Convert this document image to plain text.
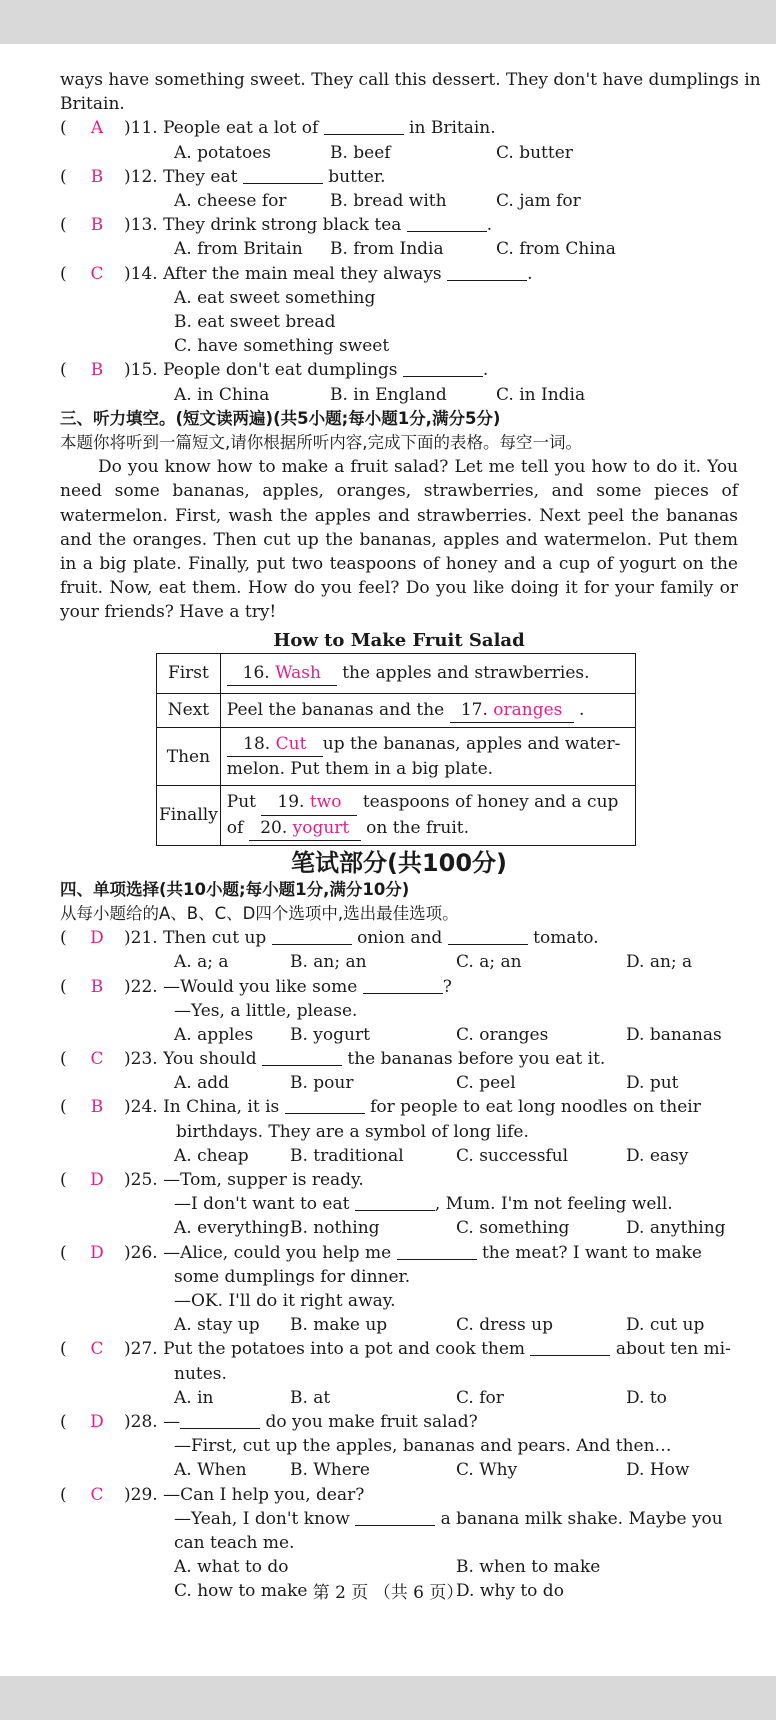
ways have something sweet. They call this dessert. They don't have dumplings in
Britain.
( A )11. People eat a lot of	in Britain.
A. potatoes	B. beef	C. butter
( B )12. They eat	butter.
A. cheese for	B. bread with	C. jam for
( B )13. They drink strong black tea	.
A. from Britain B. from India	C. from China
( C )14. After the main meal they always	.
A. eat sweet something
B. eat sweet bread
C. have something sweet
( B )15. People don't eat dumplings	.
A. in China	B. in England	C. in India
三、听力填空。(短文读两遍)(共5小题;每小题1分,满分5分)
本题你将听到一篇短文,请你根据所听内容,完成下面的表格。每空一词。
Do you know how to make a fruit salad? Let me tell you how to do it. You need some bananas, apples, oranges, strawberries, and some pieces of watermelon. First, wash the apples and strawberries. Next peel the bananas and the oranges. Then cut up the bananas, apples and watermelon. Put them in a big plate. Finally, put two teaspoons of honey and a cup of yogurt on the fruit. Now, eat them. How do you feel? Do you like doing it for your family or your friends? Have a try!
How to Make Fruit Salad
First	16. Wash the apples and strawberries.
Next	Peel the bananas and the 17. oranges .
Then	18. Cut up the bananas, apples and water-
melon. Put them in a big plate.
Finally	Put 19. two teaspoons of honey and a cup
of 20. yogurt on the fruit.
笔试部分(共100分)
四、单项选择(共10小题;每小题1分,满分10分)
从每小题给的A、B、C、D四个选项中,选出最佳选项。
( D )21. Then cut up	onion and	tomato.
A. a; a	B. an; an	C. a; an	D. an; a
( B )22. —Would you like some	?
—Yes, a little, please.
A. apples B. yogurt	C. oranges	D. bananas
( C )23. You should	the bananas before you eat it.
A. add	B. pour	C. peel	D. put
( B )24. In China, it is	for people to eat long noodles on their
birthdays. They are a symbol of long life.
A. cheap B. traditional	C. successful	D. easy
( D )25. —Tom, supper is ready.
—I don't want to eat	, Mum. I'm not feeling well.
A. everything B. nothing	C. something	D. anything
( D )26. —Alice, could you help me	the meat? I want to make
some dumplings for dinner.
—OK. I'll do it right away.
A. stay up B. make up	C. dress up	D. cut up
( C )27. Put the potatoes into a pot and cook them	about ten mi-
nutes.
A. in	B. at	C. for	D. to
( D )28. —	do you make fruit salad?
—First, cut up the apples, bananas and pears. And then…
A. When	B. Where	C. Why	D. How
( C )29. —Can I help you, dear?
—Yeah, I don't know	a banana milk shake. Maybe you
can teach me.
A. what to do	B. when to make
C. how to make	D. why to do
第 2 页 （共 6 页）
